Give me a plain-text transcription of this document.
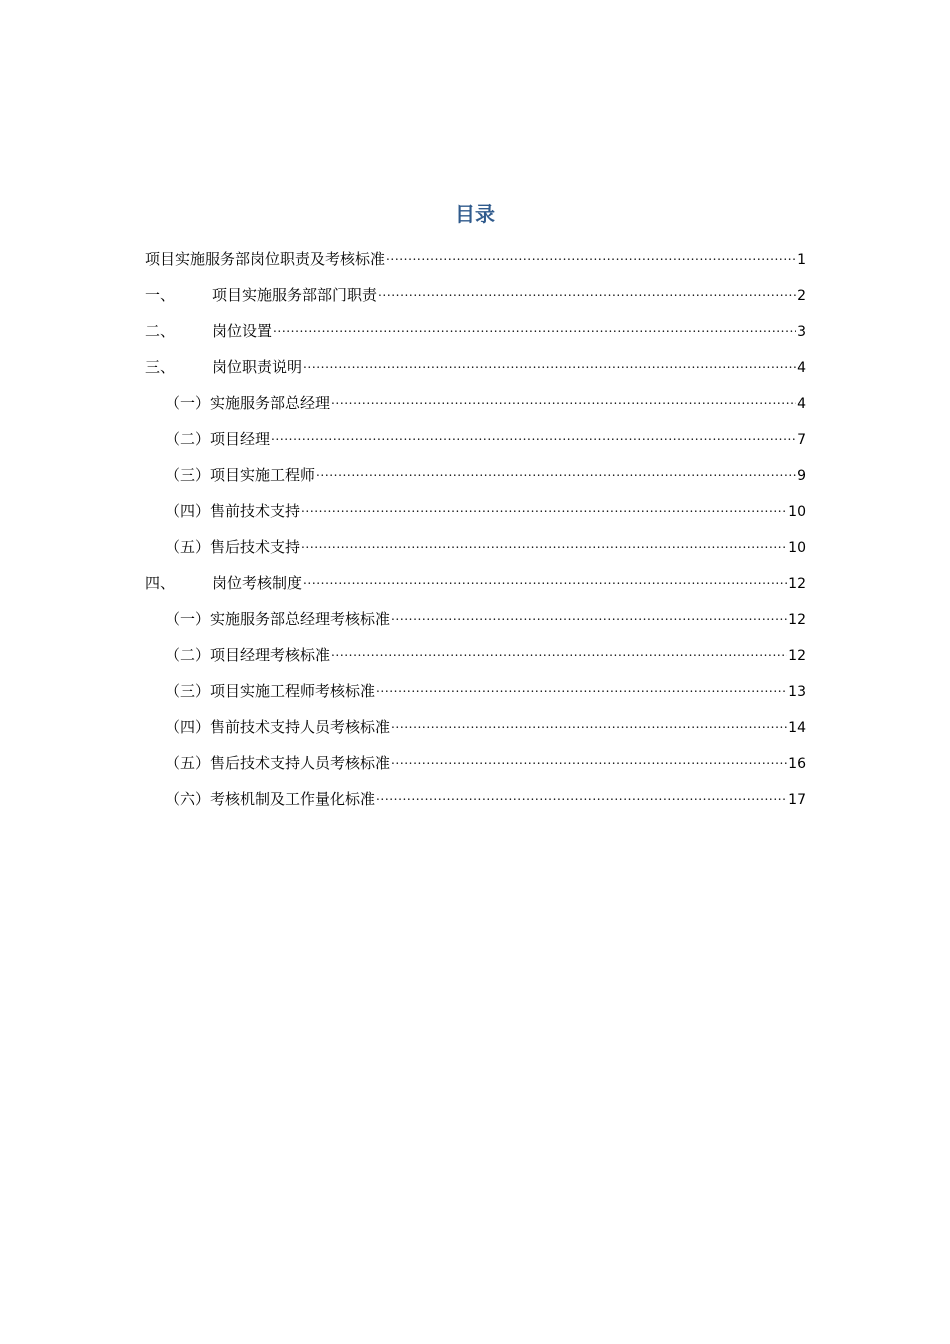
目录
项目实施服务部岗位职责及考核标准 .....	1
一、	项目实施服务部部门职责 .....	2
二、	岗位设置 .....	3
三、	岗位职责说明 .....	4
（一）实施服务部总经理 .....	4
（二）项目经理 .....	7
（三）项目实施工程师 .....	9
（四）售前技术支持 .....	10
（五）售后技术支持 .....	10
四、	岗位考核制度 .....	12
（一）实施服务部总经理考核标准 .....	12
（二）项目经理考核标准 .....	12
（三）项目实施工程师考核标准 .....	13
（四）售前技术支持人员考核标准 .....	14
（五）售后技术支持人员考核标准 .....	16
（六）考核机制及工作量化标准 .....	17
